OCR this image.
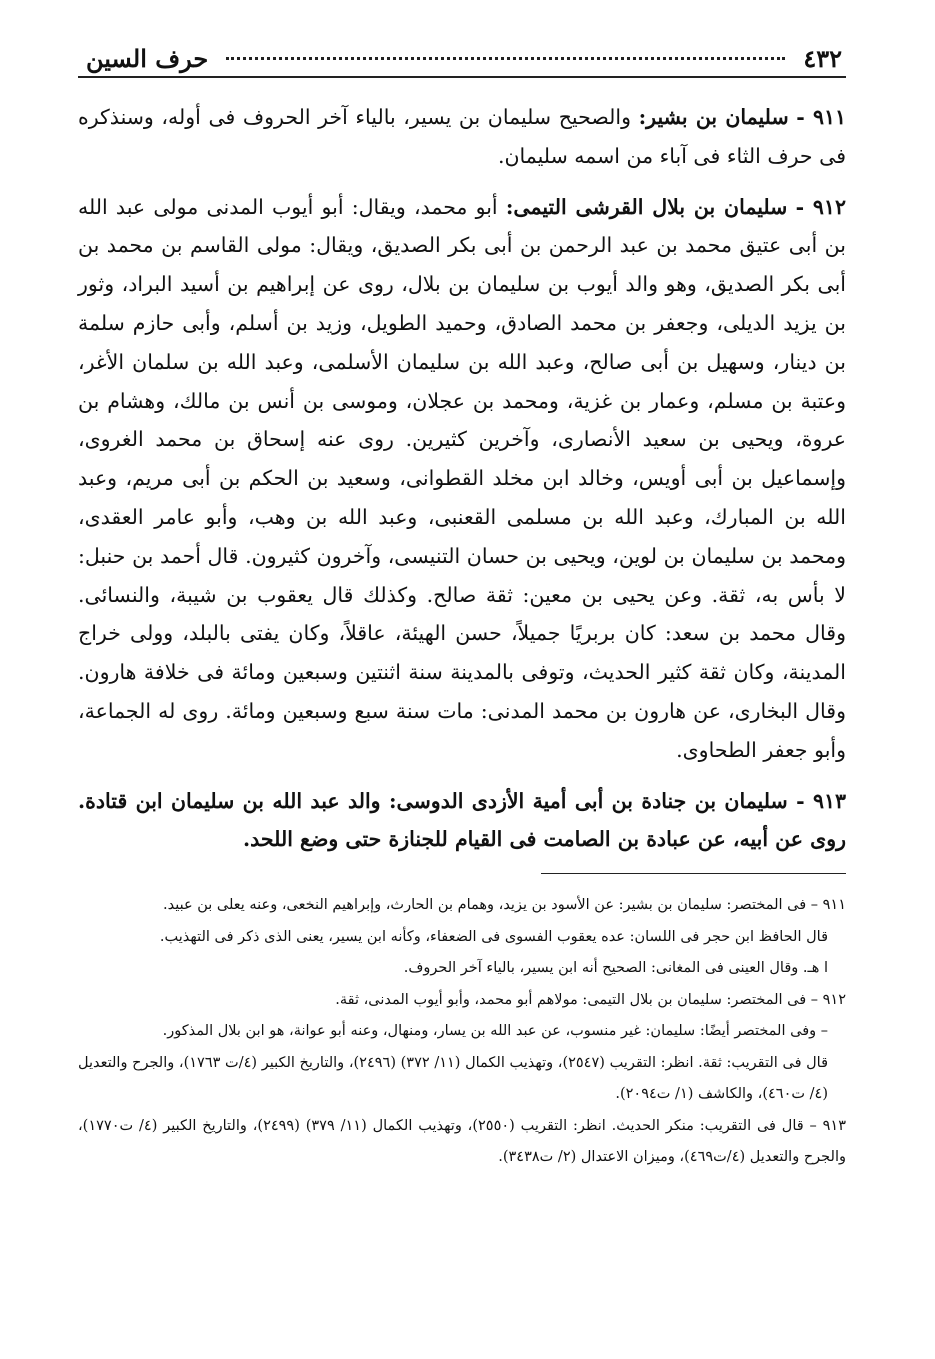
٤٣٢
حرف السين

٩١١ - سليمان بن بشير: والصحيح سليمان بن يسير، بالياء آخر الحروف فى أوله، وسنذكره فى حرف الثاء فى آباء من اسمه سليمان.

٩١٢ - سليمان بن بلال القرشى التيمى: أبو محمد، ويقال: أبو أيوب المدنى مولى عبد الله بن أبى عتيق محمد بن عبد الرحمن بن أبى بكر الصديق، ويقال: مولى القاسم بن محمد بن أبى بكر الصديق، وهو والد أيوب بن سليمان بن بلال، روى عن إبراهيم بن أسيد البراد، وثور بن يزيد الديلى، وجعفر بن محمد الصادق، وحميد الطويل، وزيد بن أسلم، وأبى حازم سلمة بن دينار، وسهيل بن أبى صالح، وعبد الله بن سليمان الأسلمى، وعبد الله بن سلمان الأغر، وعتبة بن مسلم، وعمار بن غزية، ومحمد بن عجلان، وموسى بن أنس بن مالك، وهشام بن عروة، ويحيى بن سعيد الأنصارى، وآخرين كثيرين. روى عنه إسحاق بن محمد الغروى، وإسماعيل بن أبى أويس، وخالد ابن مخلد القطوانى، وسعيد بن الحكم بن أبى مريم، وعبد الله بن المبارك، وعبد الله بن مسلمى القعنبى، وعبد الله بن وهب، وأبو عامر العقدى، ومحمد بن سليمان بن لوين، ويحيى بن حسان التنيسى، وآخرون كثيرون. قال أحمد بن حنبل: لا بأس به، ثقة. وعن يحيى بن معين: ثقة صالح. وكذلك قال يعقوب بن شيبة، والنسائى. وقال محمد بن سعد: كان بربريًا جميلاً، حسن الهيئة، عاقلاً، وكان يفتى بالبلد، وولى خراج المدينة، وكان ثقة كثير الحديث، وتوفى بالمدينة سنة اثنتين وسبعين ومائة فى خلافة هارون. وقال البخارى، عن هارون بن محمد المدنى: مات سنة سبع وسبعين ومائة. روى له الجماعة، وأبو جعفر الطحاوى.

٩١٣ - سليمان بن جنادة بن أبى أمية الأزدى الدوسى: والد عبد الله بن سليمان ابن قتادة. روى عن أبيه، عن عبادة بن الصامت فى القيام للجنازة حتى وضع اللحد.

٩١١ – فى المختصر: سليمان بن بشير: عن الأسود بن يزيد، وهمام بن الحارث، وإبراهيم النخعى، وعنه يعلى بن عبيد.

قال الحافظ ابن حجر فى اللسان: عده يعقوب الفسوى فى الضعفاء، وكأنه ابن يسير، يعنى الذى ذكر فى التهذيب.

ا هـ. وقال العينى فى المغانى: الصحيح أنه ابن يسير، بالياء آخر الحروف.

٩١٢ – فى المختصر: سليمان بن بلال التيمى: مولاهم أبو محمد، وأبو أيوب المدنى، ثقة.

– وفى المختصر أيضًا: سليمان: غير منسوب، عن عبد الله بن يسار، ومنهال، وعنه أبو عوانة، هو ابن بلال المذكور.

قال فى التقريب: ثقة. انظر: التقريب (٢٥٤٧)، وتهذيب الكمال (١١/ ٣٧٢) (٢٤٩٦)، والتاريخ الكبير (٤/ت ١٧٦٣)، والجرح والتعديل (٤/ ت٤٦٠)، والكاشف (١/ ت٢٠٩٤).

٩١٣ – قال فى التقريب: منكر الحديث. انظر: التقريب (٢٥٥٠)، وتهذيب الكمال (١١/ ٣٧٩) (٢٤٩٩)، والتاريخ الكبير (٤/ ت١٧٧٠)، والجرح والتعديل (٤/ت٤٦٩)، وميزان الاعتدال (٢/ ت٣٤٣٨).
